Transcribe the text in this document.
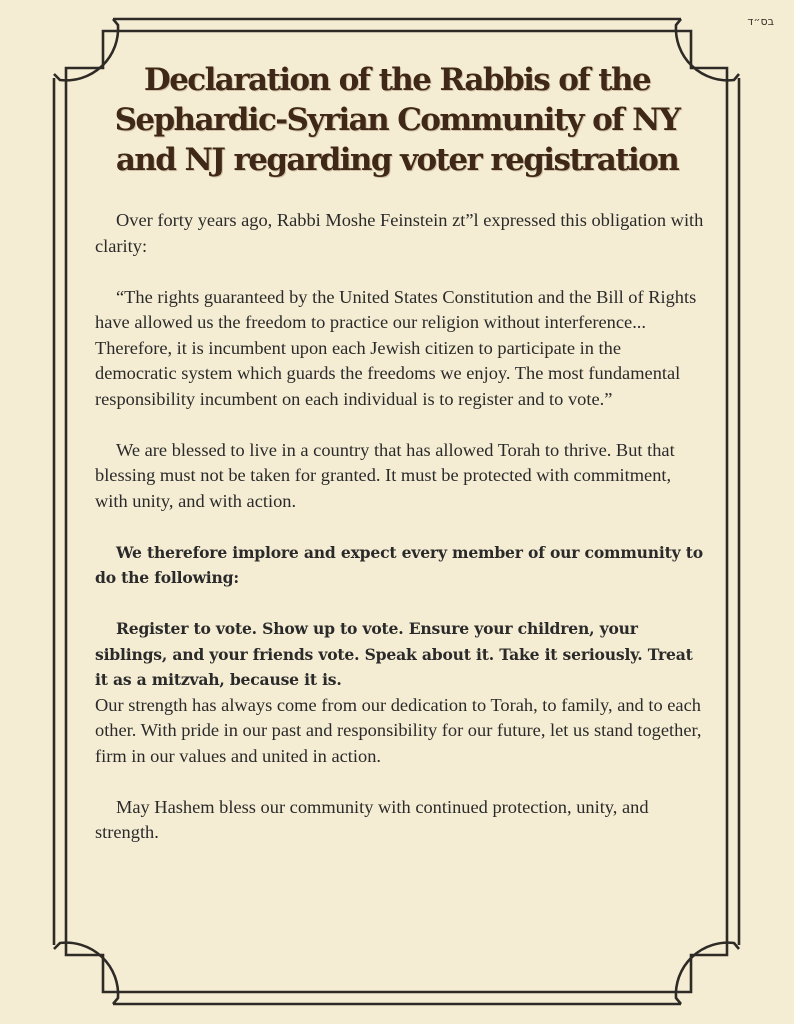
בס״ד
Declaration of the Rabbis of the Sephardic-Syrian Community of NY and NJ regarding voter registration

Over forty years ago, Rabbi Moshe Feinstein zt”l expressed this obligation with clarity:

“The rights guaranteed by the United States Constitution and the Bill of Rights have allowed us the freedom to practice our religion without interference... Therefore, it is incumbent upon each Jewish citizen to participate in the democratic system which guards the freedoms we enjoy. The most fundamental responsibility incumbent on each individual is to register and to vote.”

We are blessed to live in a country that has allowed Torah to thrive. But that blessing must not be taken for granted. It must be protected with commitment, with unity, and with action.

We therefore implore and expect every member of our community to do the following:

Register to vote. Show up to vote. Ensure your children, your siblings, and your friends vote. Speak about it. Take it seriously. Treat it as a mitzvah, because it is.

Our strength has always come from our dedication to Torah, to family, and to each other. With pride in our past and responsibility for our future, let us stand together, firm in our values and united in action.

May Hashem bless our community with continued protection, unity, and strength.
